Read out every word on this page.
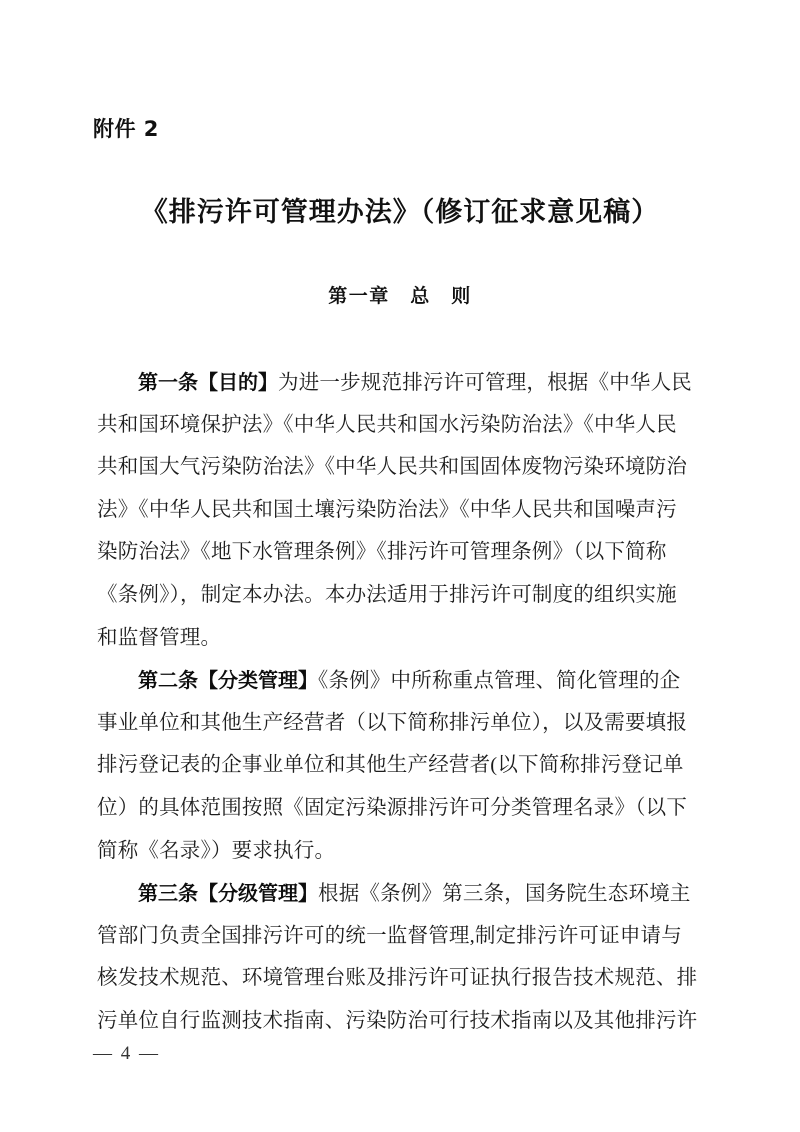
附件 2
《排污许可管理办法》（修订征求意见稿）
第一章　总　则
第一条【目的】为进一步规范排污许可管理，根据《中华人民
共和国环境保护法》《中华人民共和国水污染防治法》《中华人民
共和国大气污染防治法》《中华人民共和国固体废物污染环境防治
法》《中华人民共和国土壤污染防治法》《中华人民共和国噪声污
染防治法》《地下水管理条例》《排污许可管理条例》（以下简称
《条例》），制定本办法。本办法适用于排污许可制度的组织实施
和监督管理。
第二条【分类管理】《条例》中所称重点管理、简化管理的企
事业单位和其他生产经营者（以下简称排污单位），以及需要填报
排污登记表的企事业单位和其他生产经营者(以下简称排污登记单
位）的具体范围按照《固定污染源排污许可分类管理名录》（以下
简称《名录》）要求执行。
第三条【分级管理】根据《条例》第三条，国务院生态环境主
管部门负责全国排污许可的统一监督管理,制定排污许可证申请与
核发技术规范、环境管理台账及排污许可证执行报告技术规范、排
污单位自行监测技术指南、污染防治可行技术指南以及其他排污许
— 4 —
